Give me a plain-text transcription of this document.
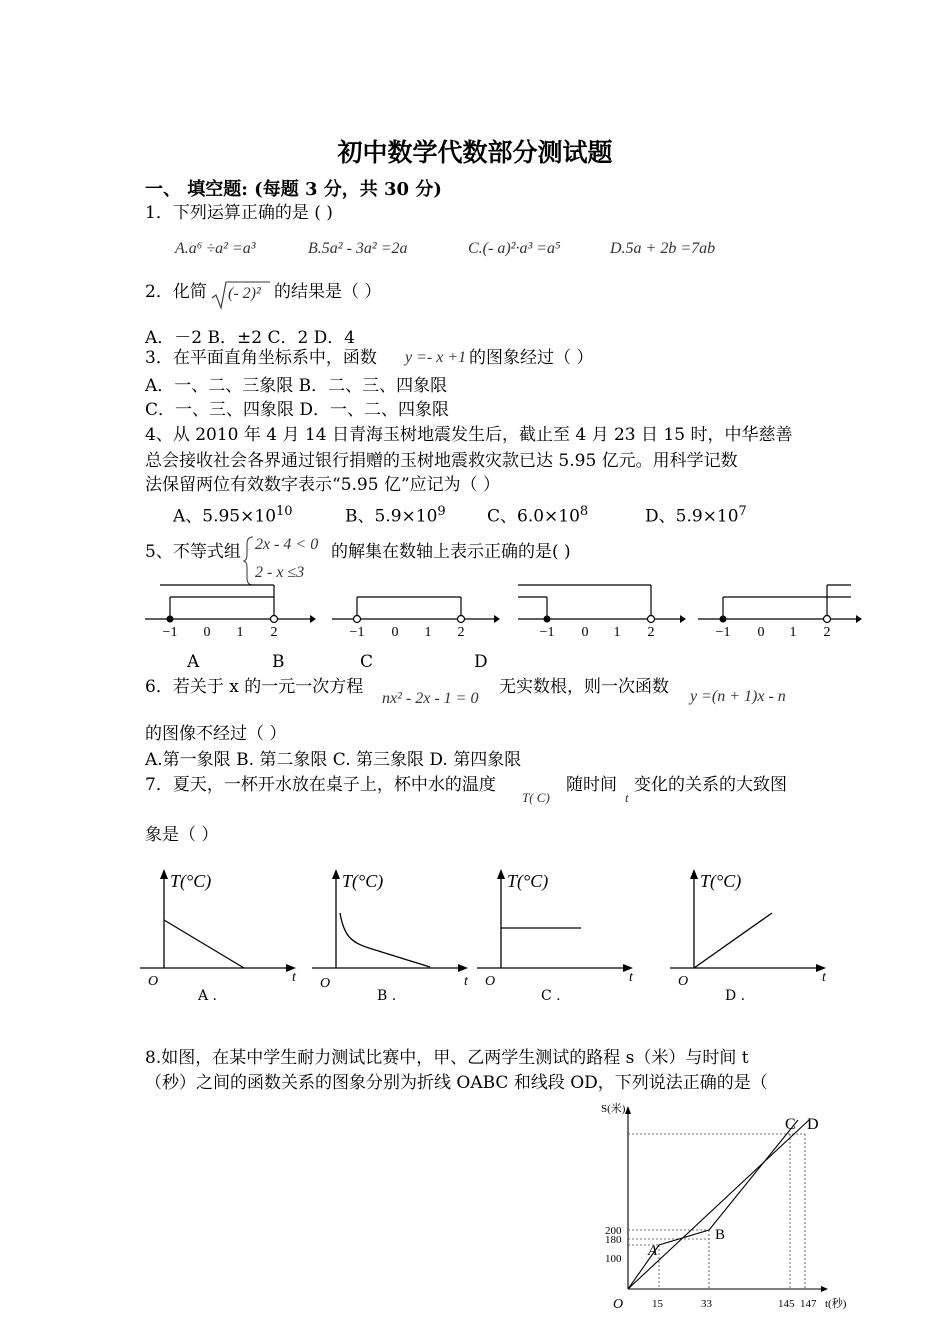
初中数学代数部分测试题
一、 填空题: (每题 3 分，共 30 分)
1．下列运算正确的是 ( )
A.a⁶ ÷a² =a³	B.5a² - 3a² =2a	C.(- a)²·a³ =a⁵	D.5a + 2b =7ab
2．化简 (- 2)² 的结果是（ ）
A．－2 B．±2 C．2 D．4
3．在平面直角坐标系中，函数 y =- x +1 的图象经过（ ）
A．一、二、三象限 B．二、三、四象限
C．一、三、四象限 D．一、二、四象限
4、从 2010 年 4 月 14 日青海玉树地震发生后，截止至 4 月 23 日 15 时，中华慈善
总会接收社会各界通过银行捐赠的玉树地震救灾款已达 5.95 亿元。用科学记数
法保留两位有效数字表示“5.95 亿”应记为（ ）
A、$5.95\times 10^{10}$	B、$5.9\times 10^9$ C、$6.0\times 10^8$	D、$5.9\times 10^7$
5、不等式组 2x - 4 < 0
2 - x ≤3
的解集在数轴上表示正确的是( )
−1 0 1 2	−1 0 1 2	−1 0 1 2	−1 0 1 2
A	B	C	D
6．若关于 x 的一元一次方程
nx² - 2x - 1 = 0
无实数根，则一次函数 y =(n + 1)x - n
的图像不经过（ ）
A.第一象限 B. 第二象限 C. 第三象限 D. 第四象限
7．夏天，一杯开水放在桌子上，杯中水的温度
T( C)
随时间
t
变化的关系的大致图
象是（ ）
T(°C)
t
O
T(°C)
t
O
T(°C)
t
O
T(°C)
t
O
A .	B .	C .	D .
8.如图，在某中学生耐力测试比赛中，甲、乙两学生测试的路程 s（米）与时间 t
（秒）之间的函数关系的图象分别为折线 OABC 和线段 OD，下列说法正确的是（
S(米)
t(秒)
O	15	33	145 147
200
180
100 A
B
C D
